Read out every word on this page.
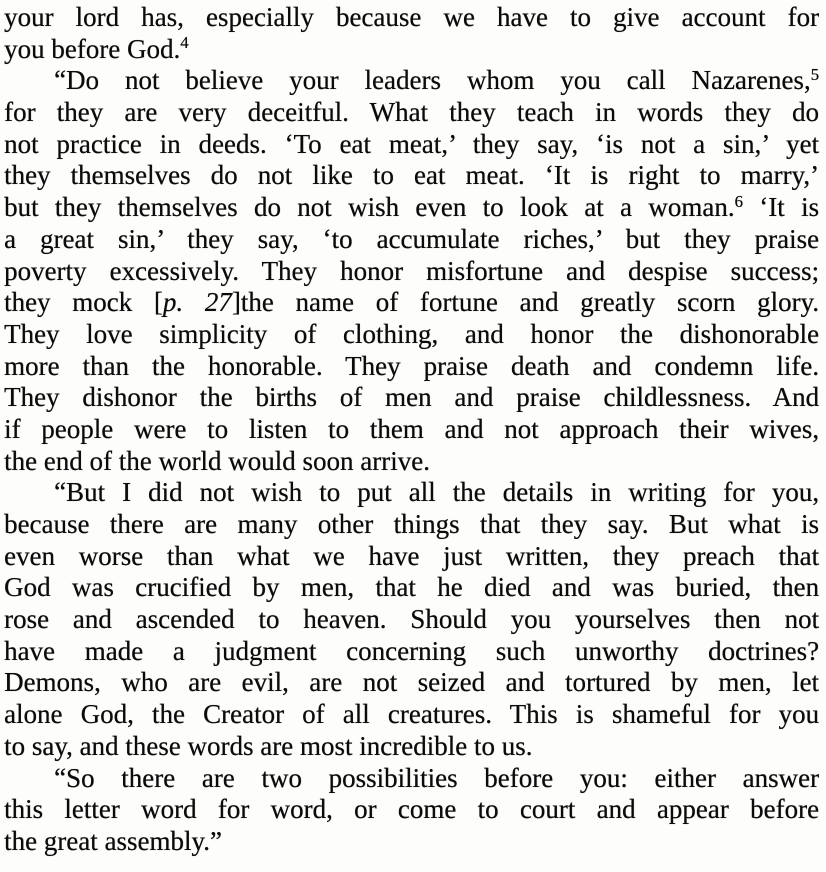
your lord has, especially because we have to give account for
you before God.$^4$
“Do not believe your leaders whom you call Nazarenes,$^5$
for they are very deceitful. What they teach in words they do
not practice in deeds. ‘To eat meat,’ they say, ‘is not a sin,’ yet
they themselves do not like to eat meat. ‘It is right to marry,’
but they themselves do not wish even to look at a woman.$^6$ ‘It is
a great sin,’ they say, ‘to accumulate riches,’ but they praise
poverty excessively. They honor misfortune and despise success;
they mock [p. 27]the name of fortune and greatly scorn glory.
They love simplicity of clothing, and honor the dishonorable
more than the honorable. They praise death and condemn life.
They dishonor the births of men and praise childlessness. And
if people were to listen to them and not approach their wives,
the end of the world would soon arrive.
“But I did not wish to put all the details in writing for you,
because there are many other things that they say. But what is
even worse than what we have just written, they preach that
God was crucified by men, that he died and was buried, then
rose and ascended to heaven. Should you yourselves then not
have made a judgment concerning such unworthy doctrines?
Demons, who are evil, are not seized and tortured by men, let
alone God, the Creator of all creatures. This is shameful for you
to say, and these words are most incredible to us.
“So there are two possibilities before you: either answer
this letter word for word, or come to court and appear before
the great assembly.”
